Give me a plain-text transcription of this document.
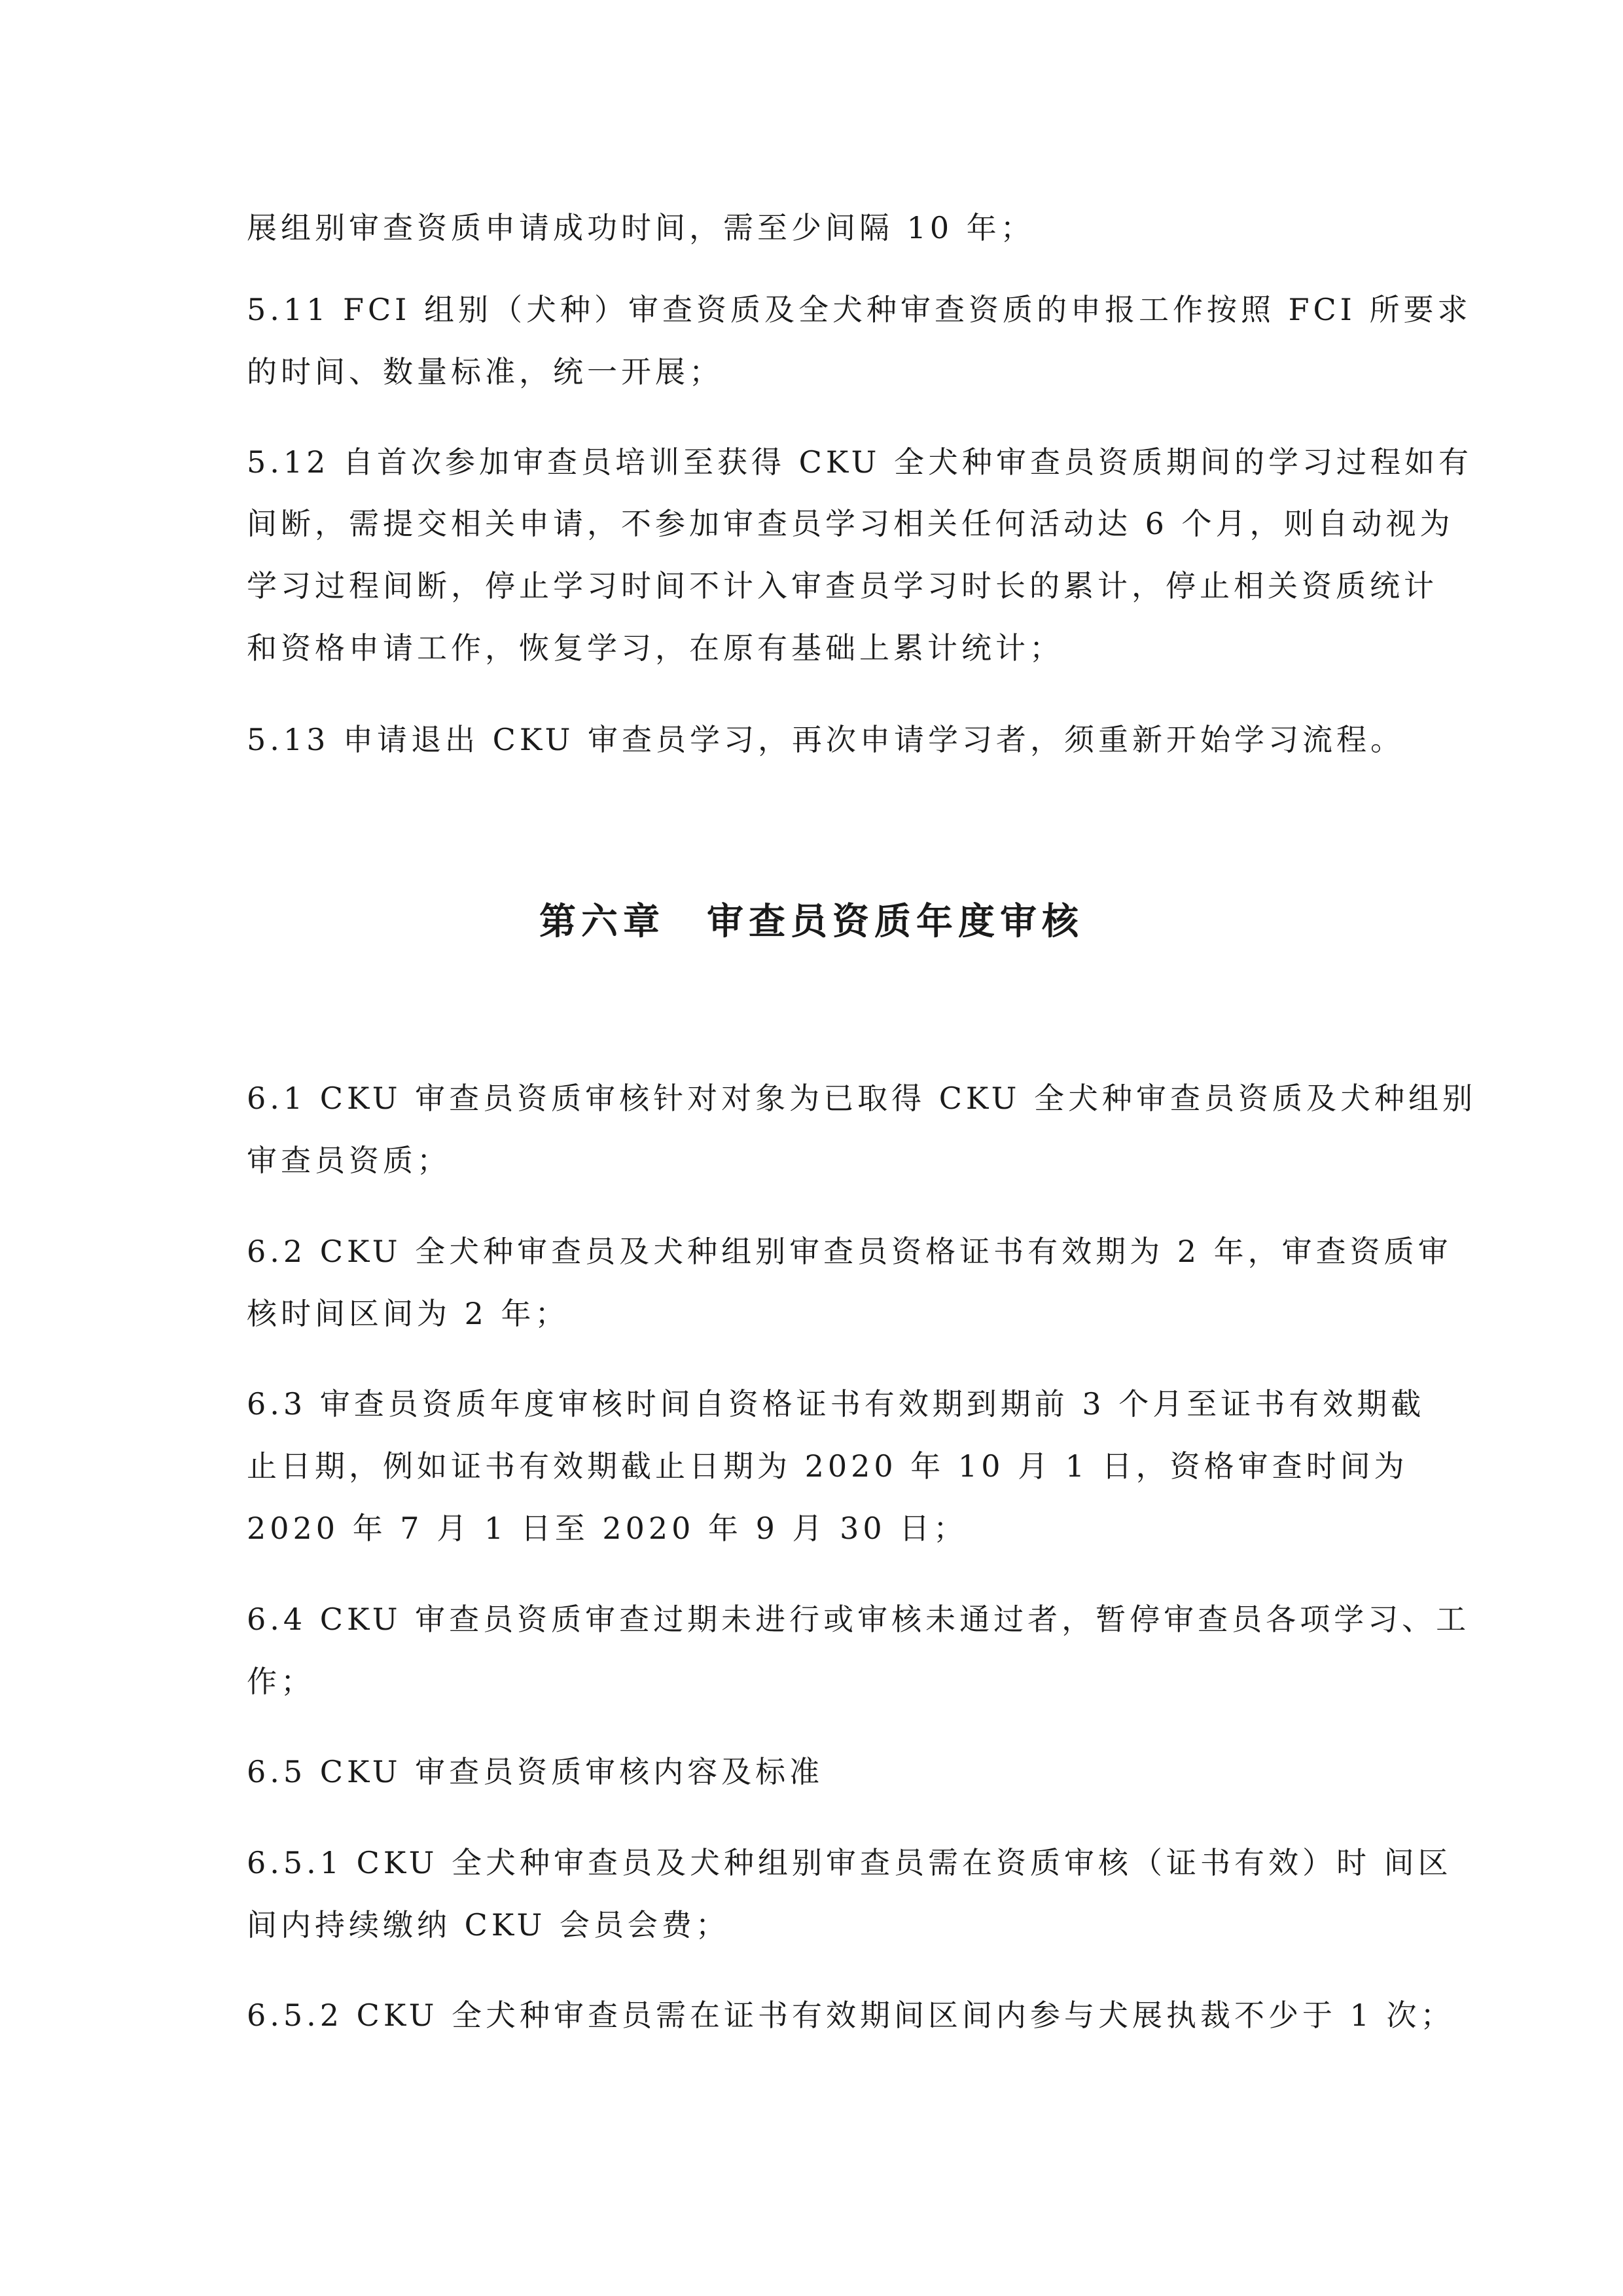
展组别审查资质申请成功时间，需至少间隔 10 年；
5.11 FCI 组别（犬种）审查资质及全犬种审查资质的申报工作按照 FCI 所要求
的时间、数量标准，统一开展；
5.12 自首次参加审查员培训至获得 CKU 全犬种审查员资质期间的学习过程如有
间断，需提交相关申请，不参加审查员学习相关任何活动达 6 个月，则自动视为
学习过程间断，停止学习时间不计入审查员学习时长的累计，停止相关资质统计
和资格申请工作，恢复学习，在原有基础上累计统计；
5.13 申请退出 CKU 审查员学习，再次申请学习者，须重新开始学习流程。
第六章　审查员资质年度审核
6.1 CKU 审查员资质审核针对对象为已取得 CKU 全犬种审查员资质及犬种组别
审查员资质；
6.2 CKU 全犬种审查员及犬种组别审查员资格证书有效期为 2 年，审查资质审
核时间区间为 2 年；
6.3 审查员资质年度审核时间自资格证书有效期到期前 3 个月至证书有效期截
止日期，例如证书有效期截止日期为 2020 年 10 月 1 日，资格审查时间为
2020 年 7 月 1 日至 2020 年 9 月 30 日；
6.4 CKU 审查员资质审查过期未进行或审核未通过者，暂停审查员各项学习、工
作；
6.5 CKU 审查员资质审核内容及标准
6.5.1 CKU 全犬种审查员及犬种组别审查员需在资质审核（证书有效）时 间区
间内持续缴纳 CKU 会员会费；
6.5.2 CKU 全犬种审查员需在证书有效期间区间内参与犬展执裁不少于 1 次；
